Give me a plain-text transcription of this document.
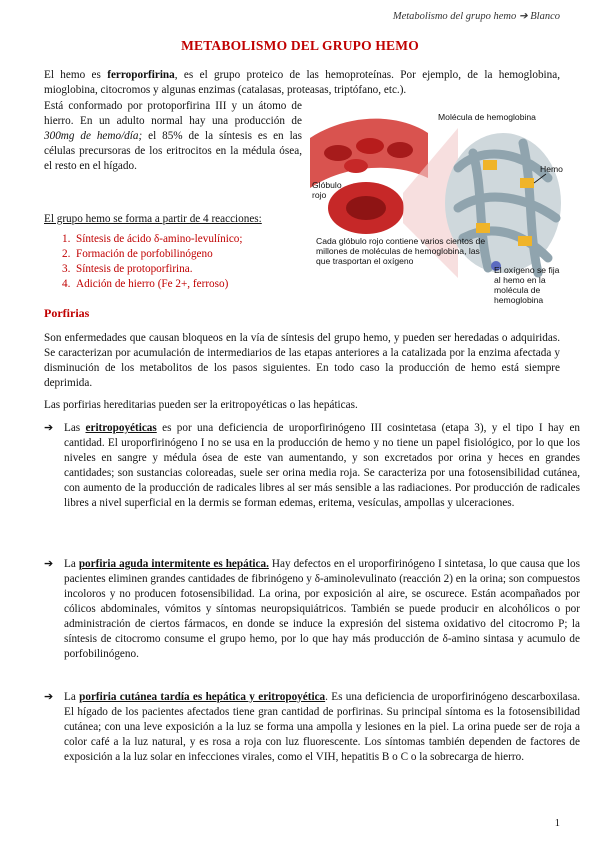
Metabolismo del grupo hemo ➔ Blanco
METABOLISMO DEL GRUPO HEMO

El hemo es ferroporfirina, es el grupo proteico de las hemoproteínas. Por ejemplo, de la hemoglobina, mioglobina, citocromos y algunas enzimas (catalasas, proteasas, triptófano, etc.).

Está conformado por protoporfirina III y un átomo de hierro. En un adulto normal hay una producción de 300mg de hemo/día; el 85% de la síntesis es en las células precursoras de los eritrocitos en la médula ósea, el resto en el hígado.

El grupo hemo se forma a partir de 4 reacciones:
1.  Síntesis de ácido δ-amino-levulínico;
2.  Formación de porfobilinógeno
3.  Síntesis de protoporfirina.
4.  Adición de hierro (Fe 2+, ferroso)
Molécula de hemoglobina
Hemo
Glóbulo rojo
Cada glóbulo rojo contiene varios cientos de millones de moléculas de hemoglobina, las que trasportan el oxígeno
El oxígeno se fija al hemo en la molécula de hemoglobina
Porfirias

Son enfermedades que causan bloqueos en la vía de síntesis del grupo hemo, y pueden ser heredadas o adquiridas. Se caracterizan por acumulación de intermediarios de las etapas anteriores a la catalizada por la enzima afectada y disminución de los metabolitos de los pasos siguientes. En todo caso la producción de hemo está siempre deprimida.

Las porfirias hereditarias pueden ser la eritropoyéticas o las hepáticas.

➔ Las eritropoyéticas es por una deficiencia de uroporfirinógeno III cosintetasa (etapa 3), y el tipo I hay en cantidad. El uroporfirinógeno I no se usa en la producción de hemo y no tiene un papel fisiológico, por lo que los niveles en sangre y médula ósea de este van aumentando, y son excretados por orina y heces en grandes cantidades; son sustancias coloreadas, suele ser orina media roja. Se caracteriza por una fotosensibilidad cutánea, con aumento de la producción de radicales libres al ser más sensible a las radiaciones. Por producción de radicales libres a nivel superficial en la dermis se forman edemas, eritema, vesículas, ampollas y ulceraciones.

➔ La porfiria aguda intermitente es hepática. Hay defectos en el uroporfirinógeno I sintetasa, lo que causa que los pacientes eliminen grandes cantidades de fibrinógeno y δ-aminolevulinato (reacción 2) en la orina; son compuestos incoloros y no producen fotosensibilidad. La orina, por exposición al aire, se oscurece. Están acompañados por cólicos abdominales, vómitos y síntomas neuropsiquiátricos. También se puede producir en alcohólicos o por administración de ciertos fármacos, en donde se induce la expresión del sistema oxidativo del citocromo P; la síntesis de citocromo consume el grupo hemo, por lo que hay más producción de δ-amino sintasa y acumulo de porfobilinógeno.

➔ La porfiria cutánea tardía es hepática y eritropoyética. Es una deficiencia de uroporfirinógeno descarboxilasa. El hígado de los pacientes afectados tiene gran cantidad de porfirinas. Su principal síntoma es la fotosensibilidad cutánea; con una leve exposición a la luz se forma una ampolla y lesiones en la piel. La orina puede ser de roja a color café a la luz natural, y es rosa a roja con luz fluorescente. Los síntomas también dependen de factores de exposición a la luz solar en infecciones virales, como el VIH, hepatitis B o C o la sobrecarga de hierro.

1
